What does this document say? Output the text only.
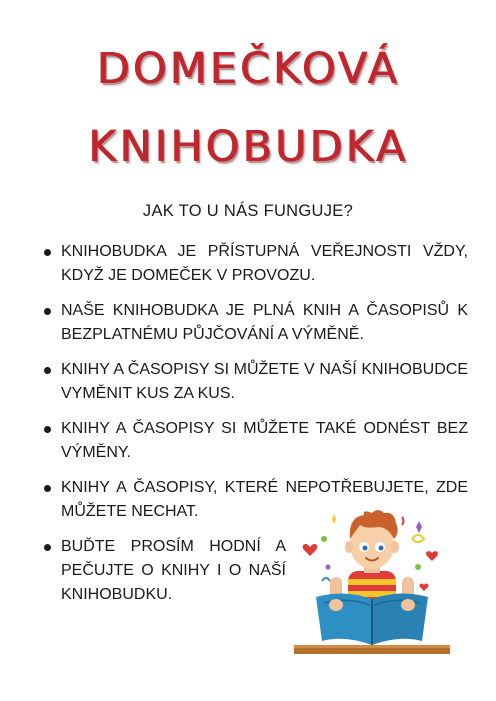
DOMEČKOVÁ
KNIHOBUDKA
JAK TO U NÁS FUNGUJE?
KNIHOBUDKA JE PŘÍSTUPNÁ VEŘEJNOSTI VŽDY, KDYŽ JE DOMEČEK V PROVOZU.
NAŠE KNIHOBUDKA JE PLNÁ KNIH A ČASOPISŮ K BEZPLATNÉMU PŮJČOVÁNÍ A VÝMĚNĚ.
KNIHY A ČASOPISY SI MŮŽETE V NAŠÍ KNIHOBUDCE VYMĚNIT KUS ZA KUS.
KNIHY A ČASOPISY SI MŮŽETE TAKÉ ODNÉST BEZ VÝMĚNY.
KNIHY A ČASOPISY, KTERÉ NEPOTŘEBUJETE, ZDE MŮŽETE NECHAT.
BUĎTE PROSÍM HODNÍ A PEČUJTE O KNIHY I O NAŠÍ KNIHOBUDKU.
